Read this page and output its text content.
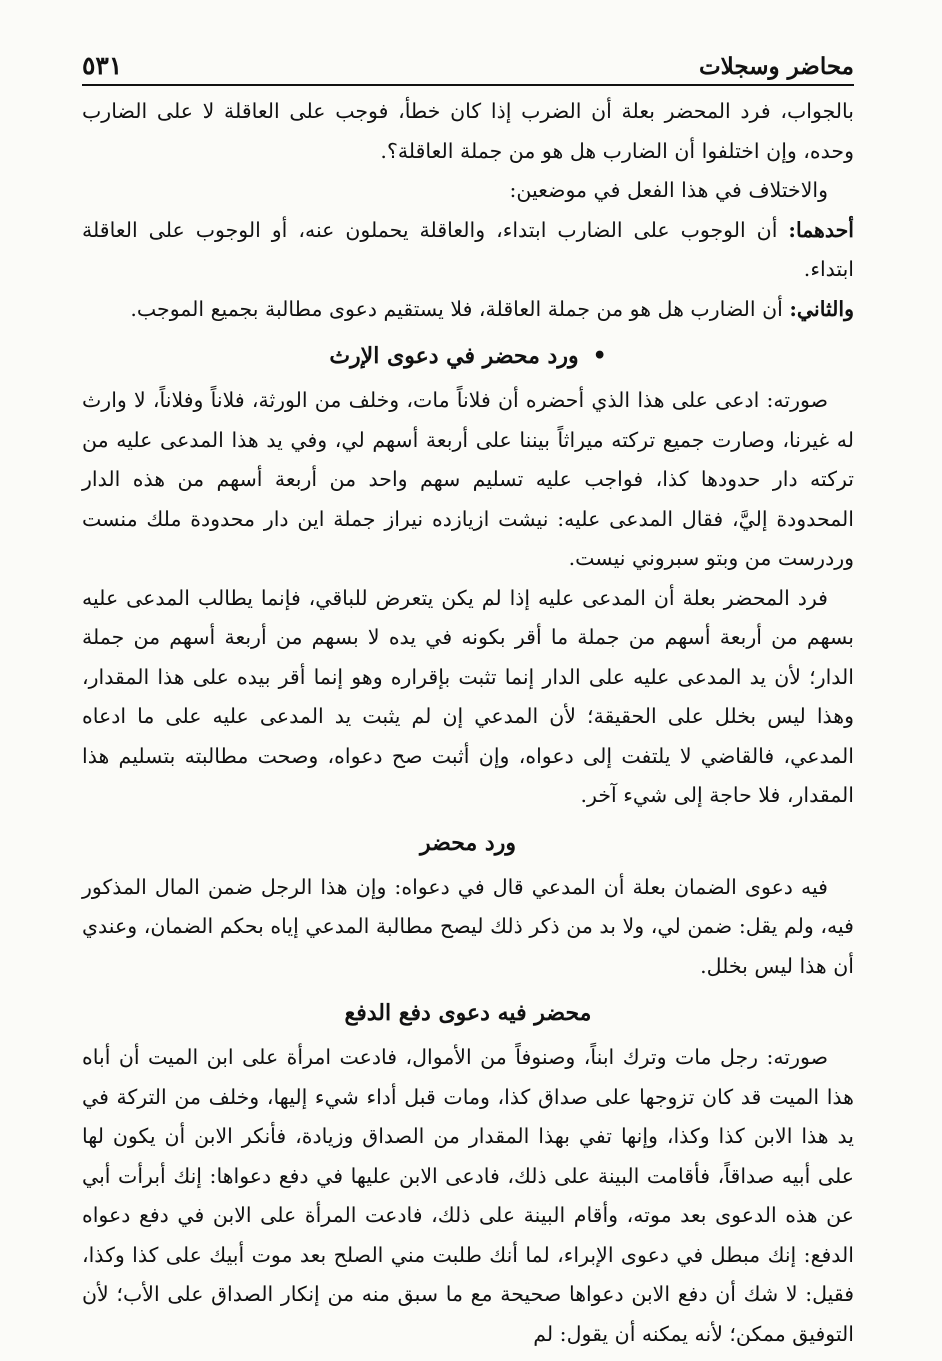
محاضر وسجلات
٥٣١

بالجواب، فرد المحضر بعلة أن الضرب إذا كان خطأ، فوجب على العاقلة لا على الضارب وحده، وإن اختلفوا أن الضارب هل هو من جملة العاقلة؟.

والاختلاف في هذا الفعل في موضعين:

أحدهما: أن الوجوب على الضارب ابتداء، والعاقلة يحملون عنه، أو الوجوب على العاقلة ابتداء.

والثاني: أن الضارب هل هو من جملة العاقلة، فلا يستقيم دعوى مطالبة بجميع الموجب.

•ورد محضر في دعوى الإرث

صورته: ادعى على هذا الذي أحضره أن فلاناً مات، وخلف من الورثة، فلاناً وفلاناً، لا وارث له غيرنا، وصارت جميع تركته ميراثاً بيننا على أربعة أسهم لي، وفي يد هذا المدعى عليه من تركته دار حدودها كذا، فواجب عليه تسليم سهم واحد من أربعة أسهم من هذه الدار المحدودة إليَّ، فقال المدعى عليه: نيشت ازيازده نيراز جملة اين دار محدودة ملك منست وردرست من وبتو سبروني نيست.

فرد المحضر بعلة أن المدعى عليه إذا لم يكن يتعرض للباقي، فإنما يطالب المدعى عليه بسهم من أربعة أسهم من جملة ما أقر بكونه في يده لا بسهم من أربعة أسهم من جملة الدار؛ لأن يد المدعى عليه على الدار إنما تثبت بإقراره وهو إنما أقر بيده على هذا المقدار، وهذا ليس بخلل على الحقيقة؛ لأن المدعي إن لم يثبت يد المدعى عليه على ما ادعاه المدعي، فالقاضي لا يلتفت إلى دعواه، وإن أثبت صح دعواه، وصحت مطالبته بتسليم هذا المقدار، فلا حاجة إلى شيء آخر.

ورد محضر

فيه دعوى الضمان بعلة أن المدعي قال في دعواه: وإن هذا الرجل ضمن المال المذكور فيه، ولم يقل: ضمن لي، ولا بد من ذكر ذلك ليصح مطالبة المدعي إياه بحكم الضمان، وعندي أن هذا ليس بخلل.

محضر فيه دعوى دفع الدفع

صورته: رجل مات وترك ابناً، وصنوفاً من الأموال، فادعت امرأة على ابن الميت أن أباه هذا الميت قد كان تزوجها على صداق كذا، ومات قبل أداء شيء إليها، وخلف من التركة في يد هذا الابن كذا وكذا، وإنها تفي بهذا المقدار من الصداق وزيادة، فأنكر الابن أن يكون لها على أبيه صداقاً، فأقامت البينة على ذلك، فادعى الابن عليها في دفع دعواها: إنك أبرأت أبي عن هذه الدعوى بعد موته، وأقام البينة على ذلك، فادعت المرأة على الابن في دفع دعواه الدفع: إنك مبطل في دعوى الإبراء، لما أنك طلبت مني الصلح بعد موت أبيك على كذا وكذا، فقيل: لا شك أن دفع الابن دعواها صحيحة مع ما سبق منه من إنكار الصداق على الأب؛ لأن التوفيق ممكن؛ لأنه يمكنه أن يقول: لم
